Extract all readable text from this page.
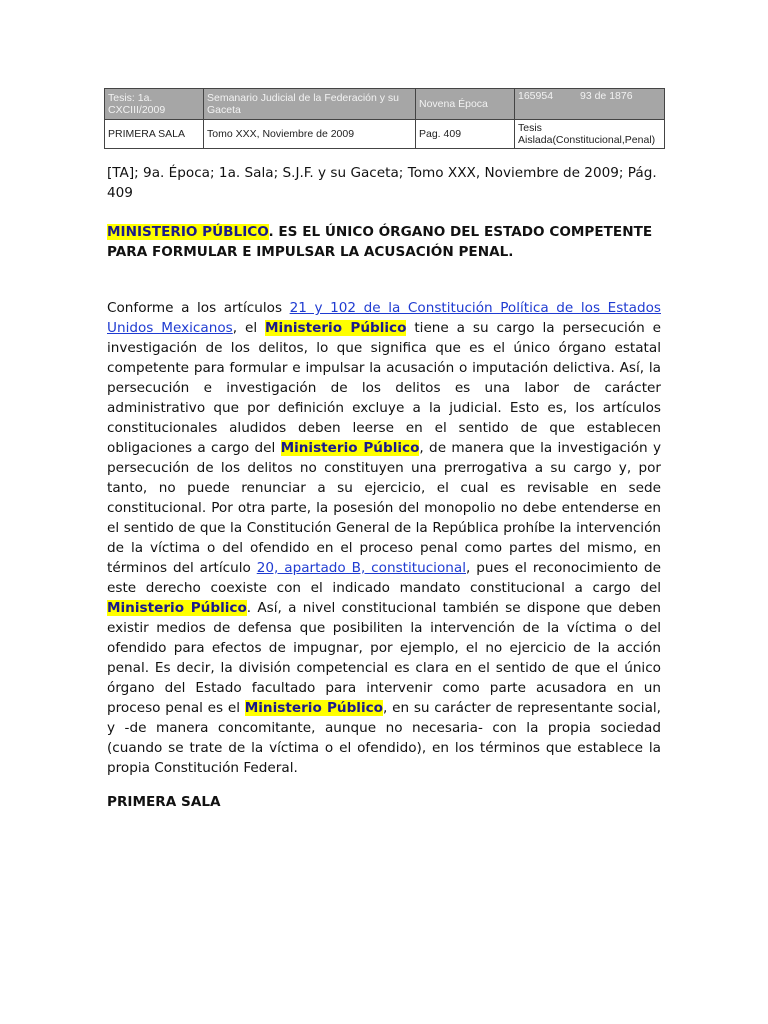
Tesis: 1a. CXCIII/2009	Semanario Judicial de la Federación y su Gaceta	Novena Época	165954 93 de 1876

PRIMERA SALA	Tomo XXX, Noviembre de 2009	Pag. 409	Tesis Aislada(Constitucional,Penal)
[TA]; 9a. Época; 1a. Sala; S.J.F. y su Gaceta; Tomo XXX, Noviembre de 2009; Pág. 409
MINISTERIO PÚBLICO. ES EL ÚNICO ÓRGANO DEL ESTADO COMPETENTE PARA FORMULAR E IMPULSAR LA ACUSACIÓN PENAL.
Conforme a los artículos 21 y 102 de la Constitución Política de los Estados Unidos Mexicanos, el Ministerio Público tiene a su cargo la persecución e investigación de los delitos, lo que significa que es el único órgano estatal competente para formular e impulsar la acusación o imputación delictiva. Así, la persecución e investigación de los delitos es una labor de carácter administrativo que por definición excluye a la judicial. Esto es, los artículos constitucionales aludidos deben leerse en el sentido de que establecen obligaciones a cargo del Ministerio Público, de manera que la investigación y persecución de los delitos no constituyen una prerrogativa a su cargo y, por tanto, no puede renunciar a su ejercicio, el cual es revisable en sede constitucional. Por otra parte, la posesión del monopolio no debe entenderse en el sentido de que la Constitución General de la República prohíbe la intervención de la víctima o del ofendido en el proceso penal como partes del mismo, en términos del artículo 20, apartado B, constitucional, pues el reconocimiento de este derecho coexiste con el indicado mandato constitucional a cargo del Ministerio Público. Así, a nivel constitucional también se dispone que deben existir medios de defensa que posibiliten la intervención de la víctima o del ofendido para efectos de impugnar, por ejemplo, el no ejercicio de la acción penal. Es decir, la división competencial es clara en el sentido de que el único órgano del Estado facultado para intervenir como parte acusadora en un proceso penal es el Ministerio Público, en su carácter de representante social, y -de manera concomitante, aunque no necesaria- con la propia sociedad (cuando se trate de la víctima o el ofendido), en los términos que establece la propia Constitución Federal.
PRIMERA SALA
